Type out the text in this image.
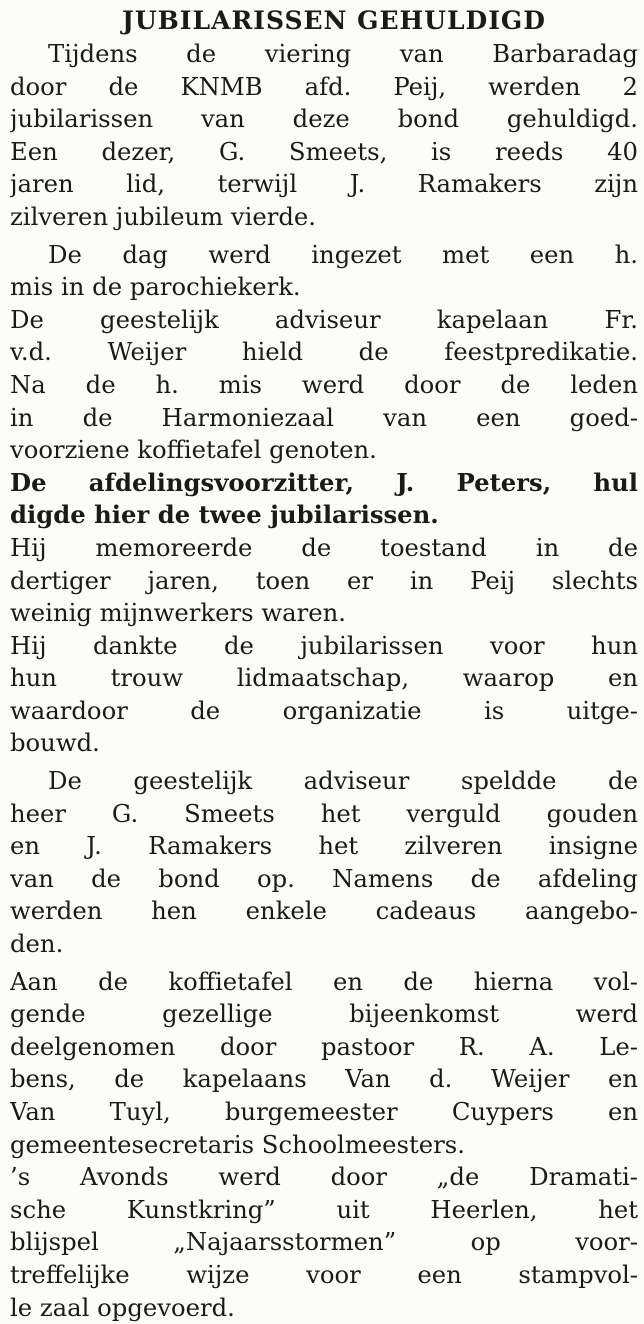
JUBILARISSEN GEHULDIGD
Tijdens de viering van Barbaradag
door de KNMB afd. Peij, werden 2
jubilarissen van deze bond gehuldigd.
Een dezer, G. Smeets, is reeds 40
jaren lid, terwijl J. Ramakers zijn
zilveren jubileum vierde.
De dag werd ingezet met een h.
mis in de parochiekerk.
De geestelijk adviseur kapelaan Fr.
v.d. Weijer hield de feestpredikatie.
Na de h. mis werd door de leden
in de Harmoniezaal van een goed-
voorziene koffietafel genoten.
De afdelingsvoorzitter, J. Peters, hul
digde hier de twee jubilarissen.
Hij memoreerde de toestand in de
dertiger jaren, toen er in Peij slechts
weinig mijnwerkers waren.
Hij dankte de jubilarissen voor hun
hun trouw lidmaatschap, waarop en
waardoor de organizatie is uitge-
bouwd.
De geestelijk adviseur speldde de
heer G. Smeets het verguld gouden
en J. Ramakers het zilveren insigne
van de bond op. Namens de afdeling
werden hen enkele cadeaus aangebo-
den.
Aan de koffietafel en de hierna vol-
gende gezellige bijeenkomst werd
deelgenomen door pastoor R. A. Le-
bens, de kapelaans Van d. Weijer en
Van Tuyl, burgemeester Cuypers en
gemeentesecretaris Schoolmeesters.
’s Avonds werd door „de Dramati-
sche Kunstkring” uit Heerlen, het
blijspel „Najaarsstormen” op voor-
treffelijke wijze voor een stampvol-
le zaal opgevoerd.
